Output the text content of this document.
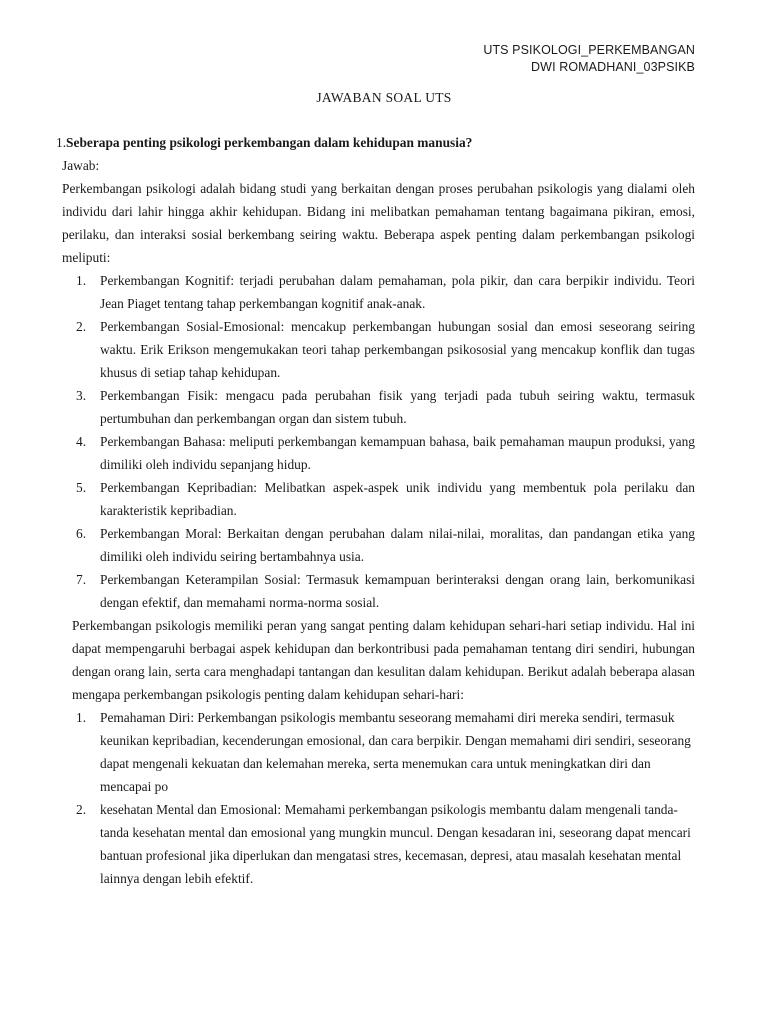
UTS PSIKOLOGI_PERKEMBANGAN
DWI ROMADHANI_03PSIKB
JAWABAN SOAL UTS
1.Seberapa penting psikologi perkembangan dalam kehidupan manusia?

Jawab:

Perkembangan psikologi adalah bidang studi yang berkaitan dengan proses perubahan psikologis yang dialami oleh individu dari lahir hingga akhir kehidupan. Bidang ini melibatkan pemahaman tentang bagaimana pikiran, emosi, perilaku, dan interaksi sosial berkembang seiring waktu. Beberapa aspek penting dalam perkembangan psikologi meliputi:

1. Perkembangan Kognitif: terjadi perubahan dalam pemahaman, pola pikir, dan cara berpikir individu. Teori Jean Piaget tentang tahap perkembangan kognitif anak-anak.
2. Perkembangan Sosial-Emosional: mencakup perkembangan hubungan sosial dan emosi seseorang seiring waktu. Erik Erikson mengemukakan teori tahap perkembangan psikososial yang mencakup konflik dan tugas khusus di setiap tahap kehidupan.
3. Perkembangan Fisik: mengacu pada perubahan fisik yang terjadi pada tubuh seiring waktu, termasuk pertumbuhan dan perkembangan organ dan sistem tubuh.
4. Perkembangan Bahasa: meliputi perkembangan kemampuan bahasa, baik pemahaman maupun produksi, yang dimiliki oleh individu sepanjang hidup.
5. Perkembangan Kepribadian: Melibatkan aspek-aspek unik individu yang membentuk pola perilaku dan karakteristik kepribadian.
6. Perkembangan Moral: Berkaitan dengan perubahan dalam nilai-nilai, moralitas, dan pandangan etika yang dimiliki oleh individu seiring bertambahnya usia.
7. Perkembangan Keterampilan Sosial: Termasuk kemampuan berinteraksi dengan orang lain, berkomunikasi dengan efektif, dan memahami norma-norma sosial.

Perkembangan psikologis memiliki peran yang sangat penting dalam kehidupan sehari-hari setiap individu. Hal ini dapat mempengaruhi berbagai aspek kehidupan dan berkontribusi pada pemahaman tentang diri sendiri, hubungan dengan orang lain, serta cara menghadapi tantangan dan kesulitan dalam kehidupan. Berikut adalah beberapa alasan mengapa perkembangan psikologis penting dalam kehidupan sehari-hari:

1. Pemahaman Diri: Perkembangan psikologis membantu seseorang memahami diri mereka sendiri, termasuk keunikan kepribadian, kecenderungan emosional, dan cara berpikir. Dengan memahami diri sendiri, seseorang dapat mengenali kekuatan dan kelemahan mereka, serta menemukan cara untuk meningkatkan diri dan mencapai po
2. kesehatan Mental dan Emosional: Memahami perkembangan psikologis membantu dalam mengenali tanda-tanda kesehatan mental dan emosional yang mungkin muncul. Dengan kesadaran ini, seseorang dapat mencari bantuan profesional jika diperlukan dan mengatasi stres, kecemasan, depresi, atau masalah kesehatan mental lainnya dengan lebih efektif.
